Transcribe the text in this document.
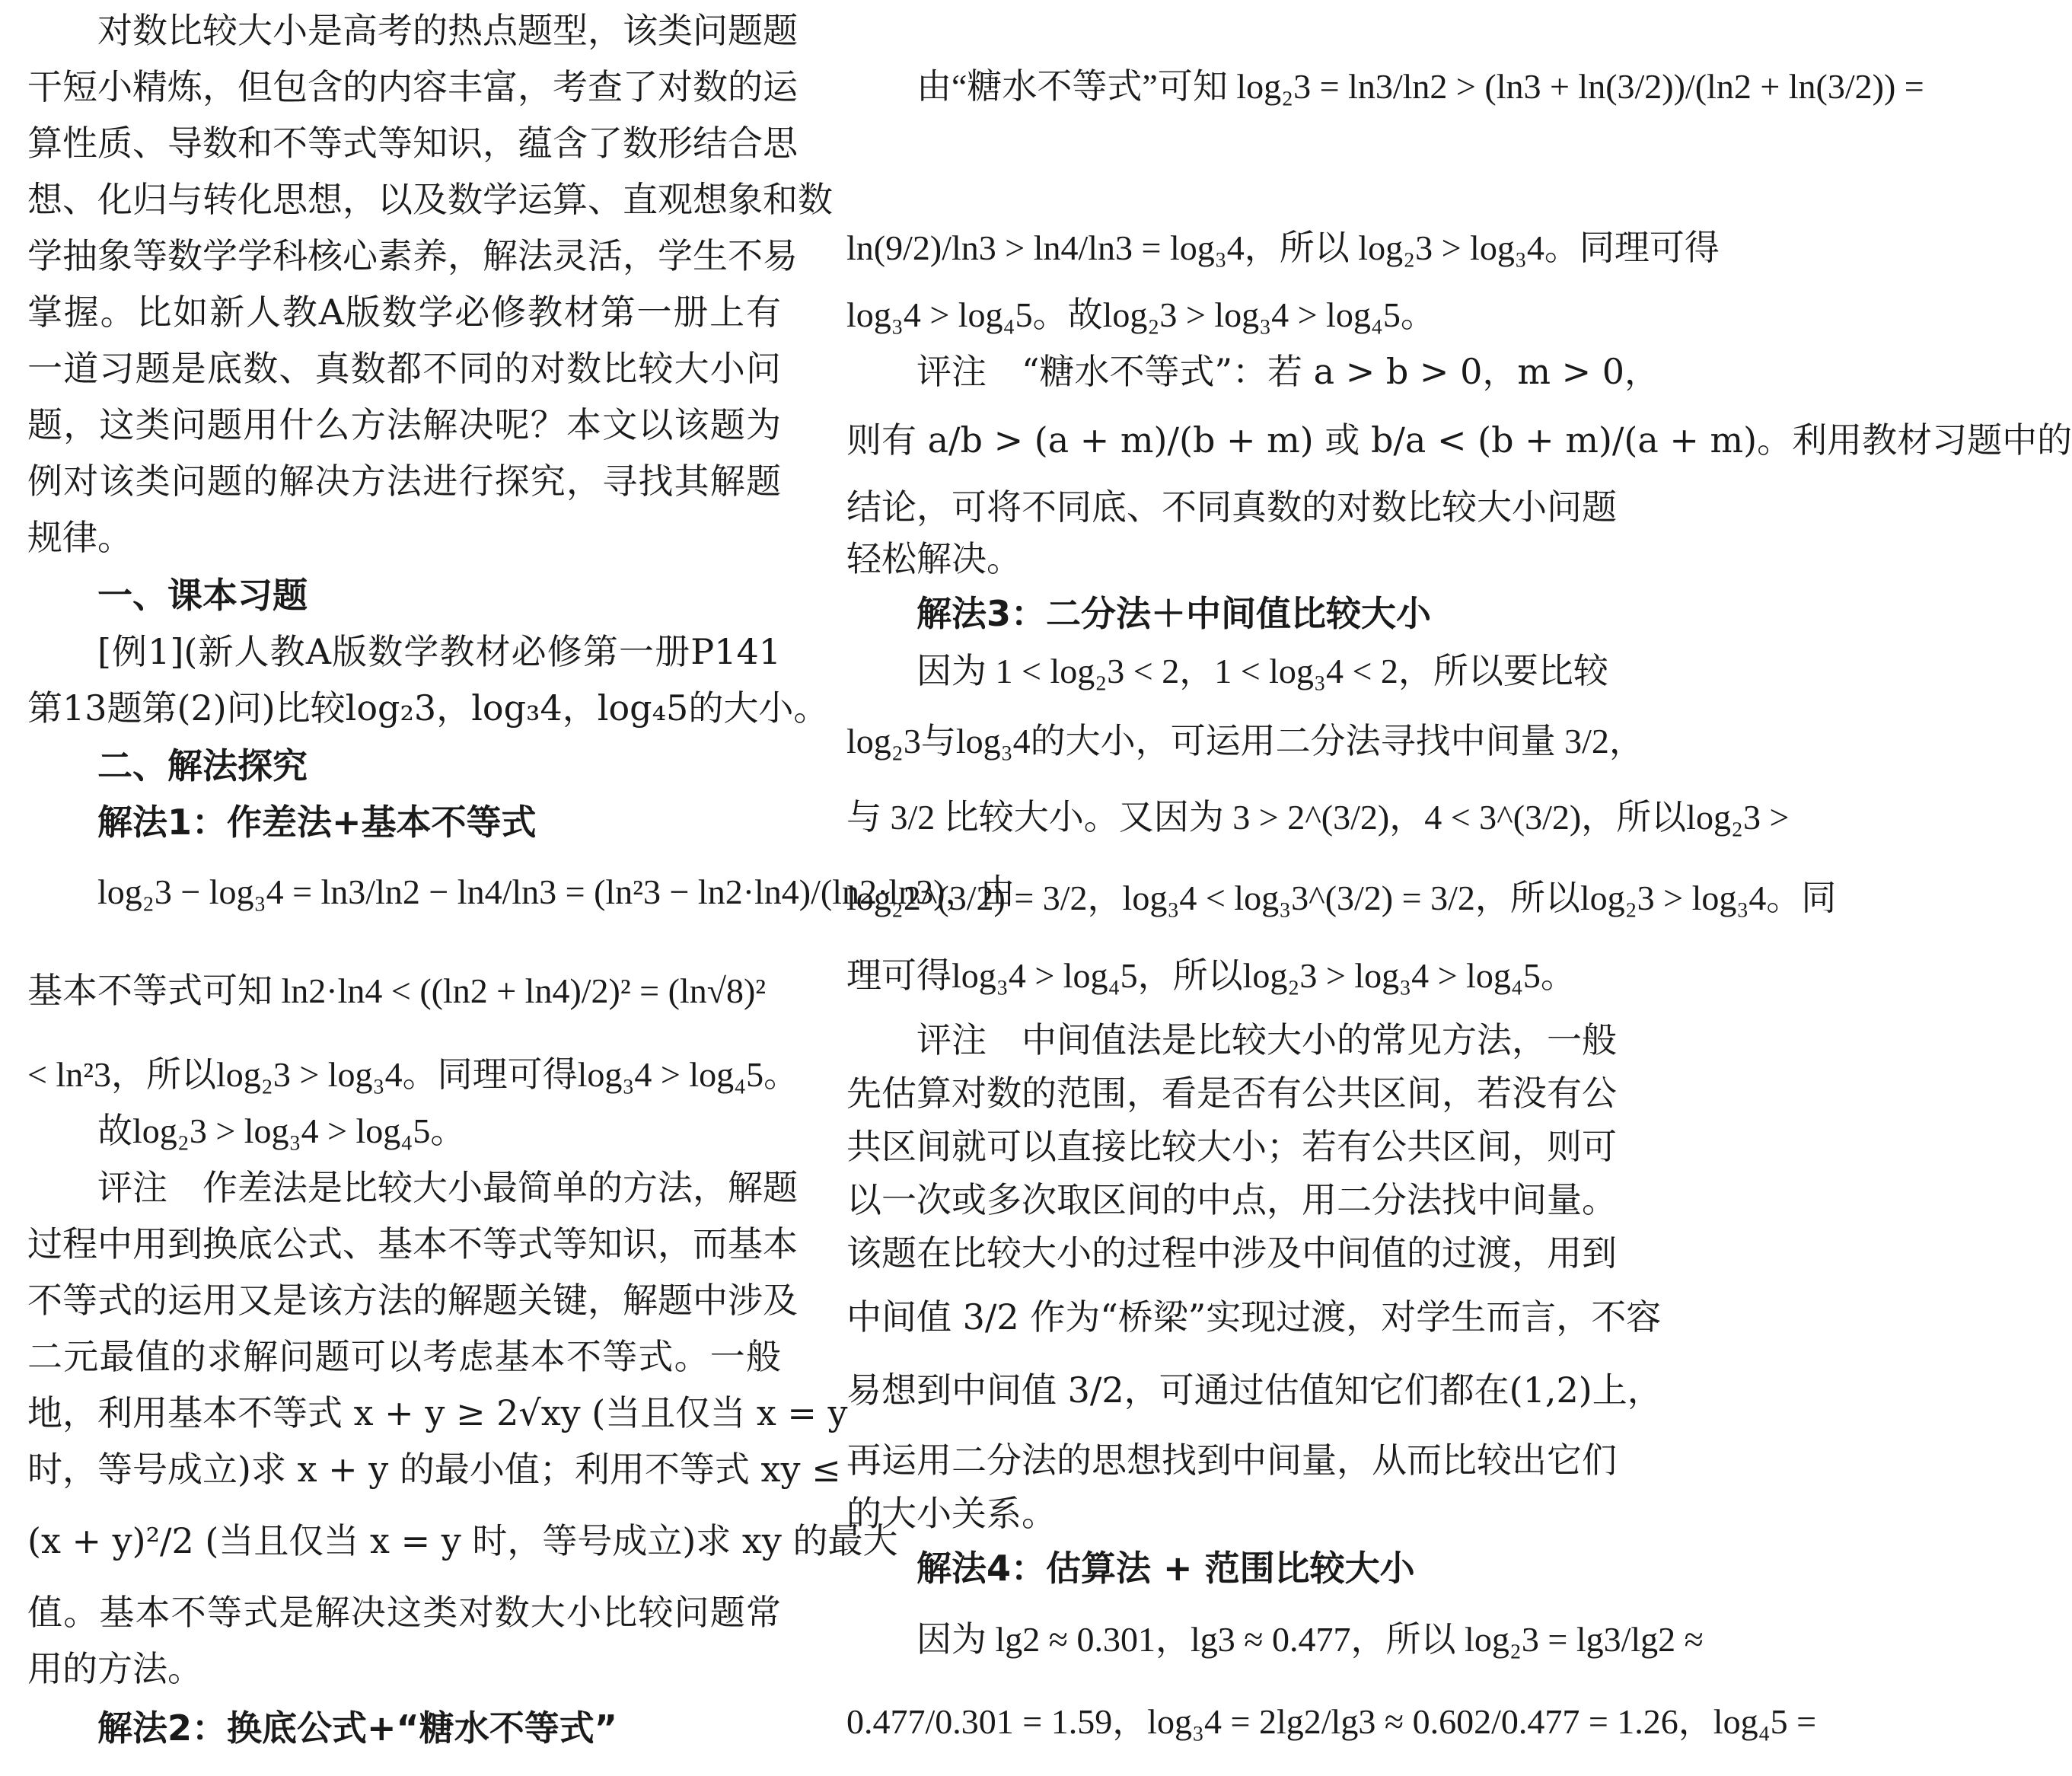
对数比较大小是高考的热点题型，该类问题题
干短小精炼，但包含的内容丰富，考查了对数的运
算性质、导数和不等式等知识，蕴含了数形结合思
想、化归与转化思想，以及数学运算、直观想象和数
学抽象等数学学科核心素养，解法灵活，学生不易
掌握。比如新人教A版数学必修教材第一册上有
一道习题是底数、真数都不同的对数比较大小问
题，这类问题用什么方法解决呢？本文以该题为
例对该类问题的解决方法进行探究，寻找其解题
规律。
一、课本习题
[例1](新人教A版数学教材必修第一册P141
第13题第(2)问)比较log₂3，log₃4，log₄5的大小。
二、解法探究
解法1：作差法+基本不等式
log₂3 − log₃4 = ln3/ln2 − ln4/ln3 = (ln²3 − ln2·ln4)/(ln2·ln3)，由
基本不等式可知 ln2·ln4 < ((ln2 + ln4)/2)² = (ln√8)²
< ln²3，所以log₂3 > log₃4。同理可得log₃4 > log₄5。
故log₂3 > log₃4 > log₄5。
评注　作差法是比较大小最简单的方法，解题
过程中用到换底公式、基本不等式等知识，而基本
不等式的运用又是该方法的解题关键，解题中涉及
二元最值的求解问题可以考虑基本不等式。一般
地，利用基本不等式 x + y ≥ 2√xy (当且仅当 x = y
时，等号成立)求 x + y 的最小值；利用不等式 xy ≤
(x + y)²/2 (当且仅当 x = y 时，等号成立)求 xy 的最大
值。基本不等式是解决这类对数大小比较问题常
用的方法。
解法2：换底公式+“糖水不等式”
由“糖水不等式”可知 log₂3 = ln3/ln2 > (ln3 + ln(3/2))/(ln2 + ln(3/2)) =
ln(9/2)/ln3 > ln4/ln3 = log₃4，所以 log₂3 > log₃4。同理可得
log₃4 > log₄5。故log₂3 > log₃4 > log₄5。
评注　“糖水不等式”：若 a > b > 0，m > 0，
则有 a/b > (a + m)/(b + m) 或 b/a < (b + m)/(a + m)。利用教材习题中的
结论，可将不同底、不同真数的对数比较大小问题
轻松解决。
解法3：二分法＋中间值比较大小
因为 1 < log₂3 < 2，1 < log₃4 < 2，所以要比较
log₂3与log₃4的大小，可运用二分法寻找中间量 3/2，
与 3/2 比较大小。又因为 3 > 2^(3/2)，4 < 3^(3/2)，所以log₂3 >
log₂2^(3/2) = 3/2，log₃4 < log₃3^(3/2) = 3/2，所以log₂3 > log₃4。同
理可得log₃4 > log₄5，所以log₂3 > log₃4 > log₄5。
评注　中间值法是比较大小的常见方法，一般
先估算对数的范围，看是否有公共区间，若没有公
共区间就可以直接比较大小；若有公共区间，则可
以一次或多次取区间的中点，用二分法找中间量。
该题在比较大小的过程中涉及中间值的过渡，用到
中间值 3/2 作为“桥梁”实现过渡，对学生而言，不容
易想到中间值 3/2，可通过估值知它们都在(1,2)上，
再运用二分法的思想找到中间量，从而比较出它们
的大小关系。
解法4：估算法 + 范围比较大小
因为 lg2 ≈ 0.301，lg3 ≈ 0.477，所以 log₂3 = lg3/lg2 ≈
0.477/0.301 = 1.59，log₃4 = 2lg2/lg3 ≈ 0.602/0.477 = 1.26，log₄5 =
